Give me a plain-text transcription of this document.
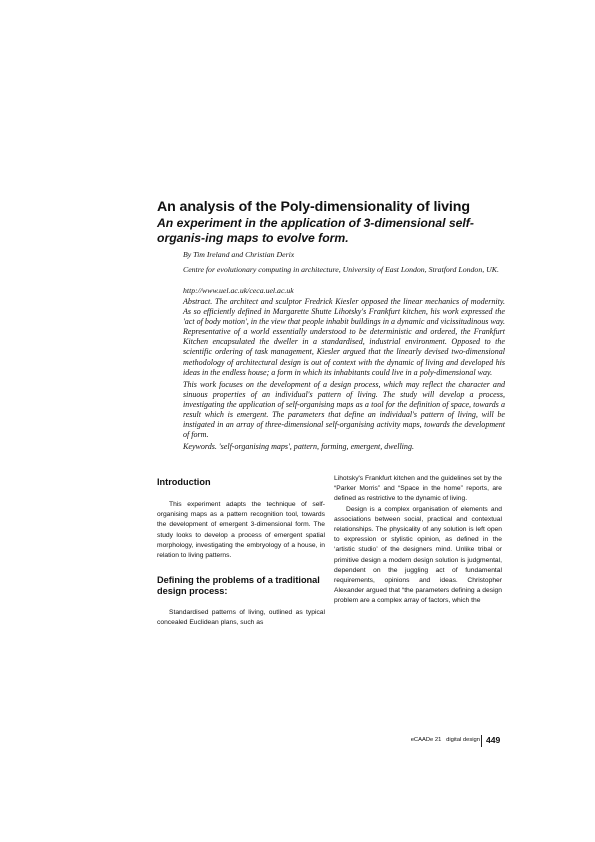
An analysis of the Poly-dimensionality of living
An experiment in the application of 3-dimensional self-organis-ing maps to evolve form.
By Tim Ireland and Christian Derix
Centre for evolutionary computing in architecture, University of East London, Stratford London, UK.
http://www.uel.ac.uk/ceca.uel.ac.uk

Abstract. The architect and sculptor Fredrick Kiesler opposed the linear mechanics of modernity. As so efficiently defined in Margarette Shutte Lihotsky's Frankfurt kitchen, his work expressed the 'act of body motion', in the view that people inhabit buildings in a dynamic and vicissitudinous way. Representative of a world essentially understood to be deterministic and ordered, the Frankfurt Kitchen encapsulated the dweller in a standardised, industrial environment. Opposed to the scientific ordering of task management, Kiesler argued that the linearly devised two-dimensional methodology of architectural design is out of context with the dynamic of living and developed his ideas in the endless house; a form in which its inhabitants could live in a poly-dimensional way.

This work focuses on the development of a design process, which may reflect the character and sinuous properties of an individual's pattern of living. The study will develop a process, investigating the application of self-organising maps as a tool for the definition of space, towards a result which is emergent. The parameters that define an individual's pattern of living, will be instigated in an array of three-dimensional self-organising activity maps, towards the development of form.

Keywords. 'self-organising maps', pattern, forming, emergent, dwelling.

Introduction

This experiment adapts the technique of self-organising maps as a pattern recognition tool, towards the development of emergent 3-dimensional form. The study looks to develop a process of emergent spatial morphology, investigating the embryology of a house, in relation to living patterns.

Defining the problems of a traditional design process:

Standardised patterns of living, outlined as typical concealed Euclidean plans, such as

Lihotsky's Frankfurt kitchen and the guidelines set by the “Parker Morris” and “Space in the home” reports, are defined as restrictive to the dynamic of living.

Design is a complex organisation of elements and associations between social, practical and contextual relationships. The physicality of any solution is left open to expression or stylistic opinion, as defined in the ‘artistic studio’ of the designers mind. Unlike tribal or primitive design a modern design solution is judgmental, dependent on the juggling act of fundamental requirements, opinions and ideas. Christopher Alexander argued that “the parameters defining a design problem are a complex array of factors, which the

eCAADe 21 digital design 449
